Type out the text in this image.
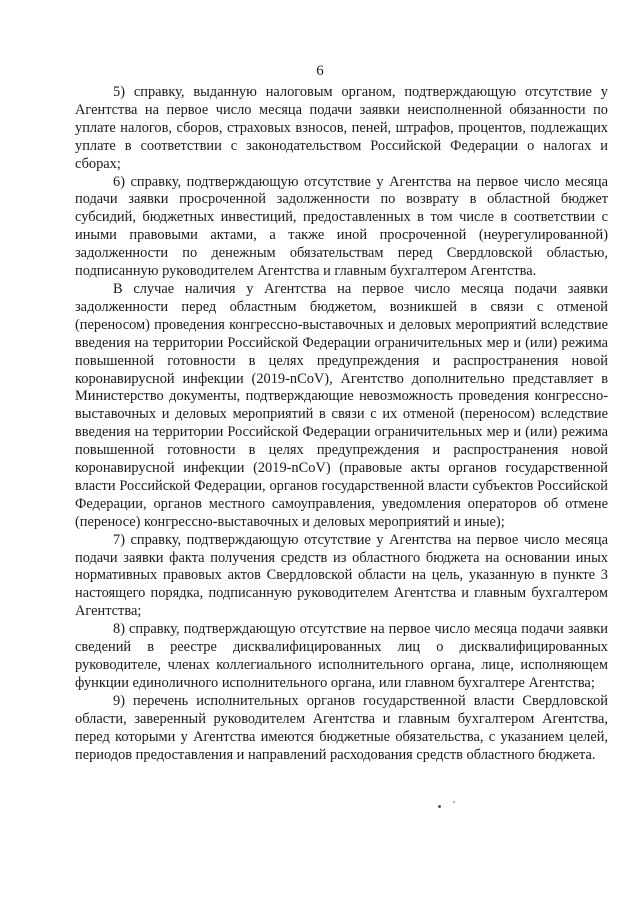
6

5) справку, выданную налоговым органом, подтверждающую отсутствие у Агентства на первое число месяца подачи заявки неисполненной обязанности по уплате налогов, сборов, страховых взносов, пеней, штрафов, процентов, подлежащих уплате в соответствии с законодательством Российской Федерации о налогах и сборах;

6) справку, подтверждающую отсутствие у Агентства на первое число месяца подачи заявки просроченной задолженности по возврату в областной бюджет субсидий, бюджетных инвестиций, предоставленных в том числе в соответствии с иными правовыми актами, а также иной просроченной (неурегулированной) задолженности по денежным обязательствам перед Свердловской областью, подписанную руководителем Агентства и главным бухгалтером Агентства.

В случае наличия у Агентства на первое число месяца подачи заявки задолженности перед областным бюджетом, возникшей в связи с отменой (переносом) проведения конгрессно-выставочных и деловых мероприятий вследствие введения на территории Российской Федерации ограничительных мер и (или) режима повышенной готовности в целях предупреждения и распространения новой коронавирусной инфекции (2019-nCoV), Агентство дополнительно представляет в Министерство документы, подтверждающие невозможность проведения конгрессно-выставочных и деловых мероприятий в связи с их отменой (переносом) вследствие введения на территории Российской Федерации ограничительных мер и (или) режима повышенной готовности в целях предупреждения и распространения новой коронавирусной инфекции (2019-nCoV) (правовые акты органов государственной власти Российской Федерации, органов государственной власти субъектов Российской Федерации, органов местного самоуправления, уведомления операторов об отмене (переносе) конгрессно-выставочных и деловых мероприятий и иные);

7) справку, подтверждающую отсутствие у Агентства на первое число месяца подачи заявки факта получения средств из областного бюджета на основании иных нормативных правовых актов Свердловской области на цель, указанную в пункте 3 настоящего порядка, подписанную руководителем Агентства и главным бухгалтером Агентства;

8) справку, подтверждающую отсутствие на первое число месяца подачи заявки сведений в реестре дисквалифицированных лиц о дисквалифицированных руководителе, членах коллегиального исполнительного органа, лице, исполняющем функции единоличного исполнительного органа, или главном бухгалтере Агентства;

9) перечень исполнительных органов государственной власти Свердловской области, заверенный руководителем Агентства и главным бухгалтером Агентства, перед которыми у Агентства имеются бюджетные обязательства, с указанием целей, периодов предоставления и направлений расходования средств областного бюджета.
